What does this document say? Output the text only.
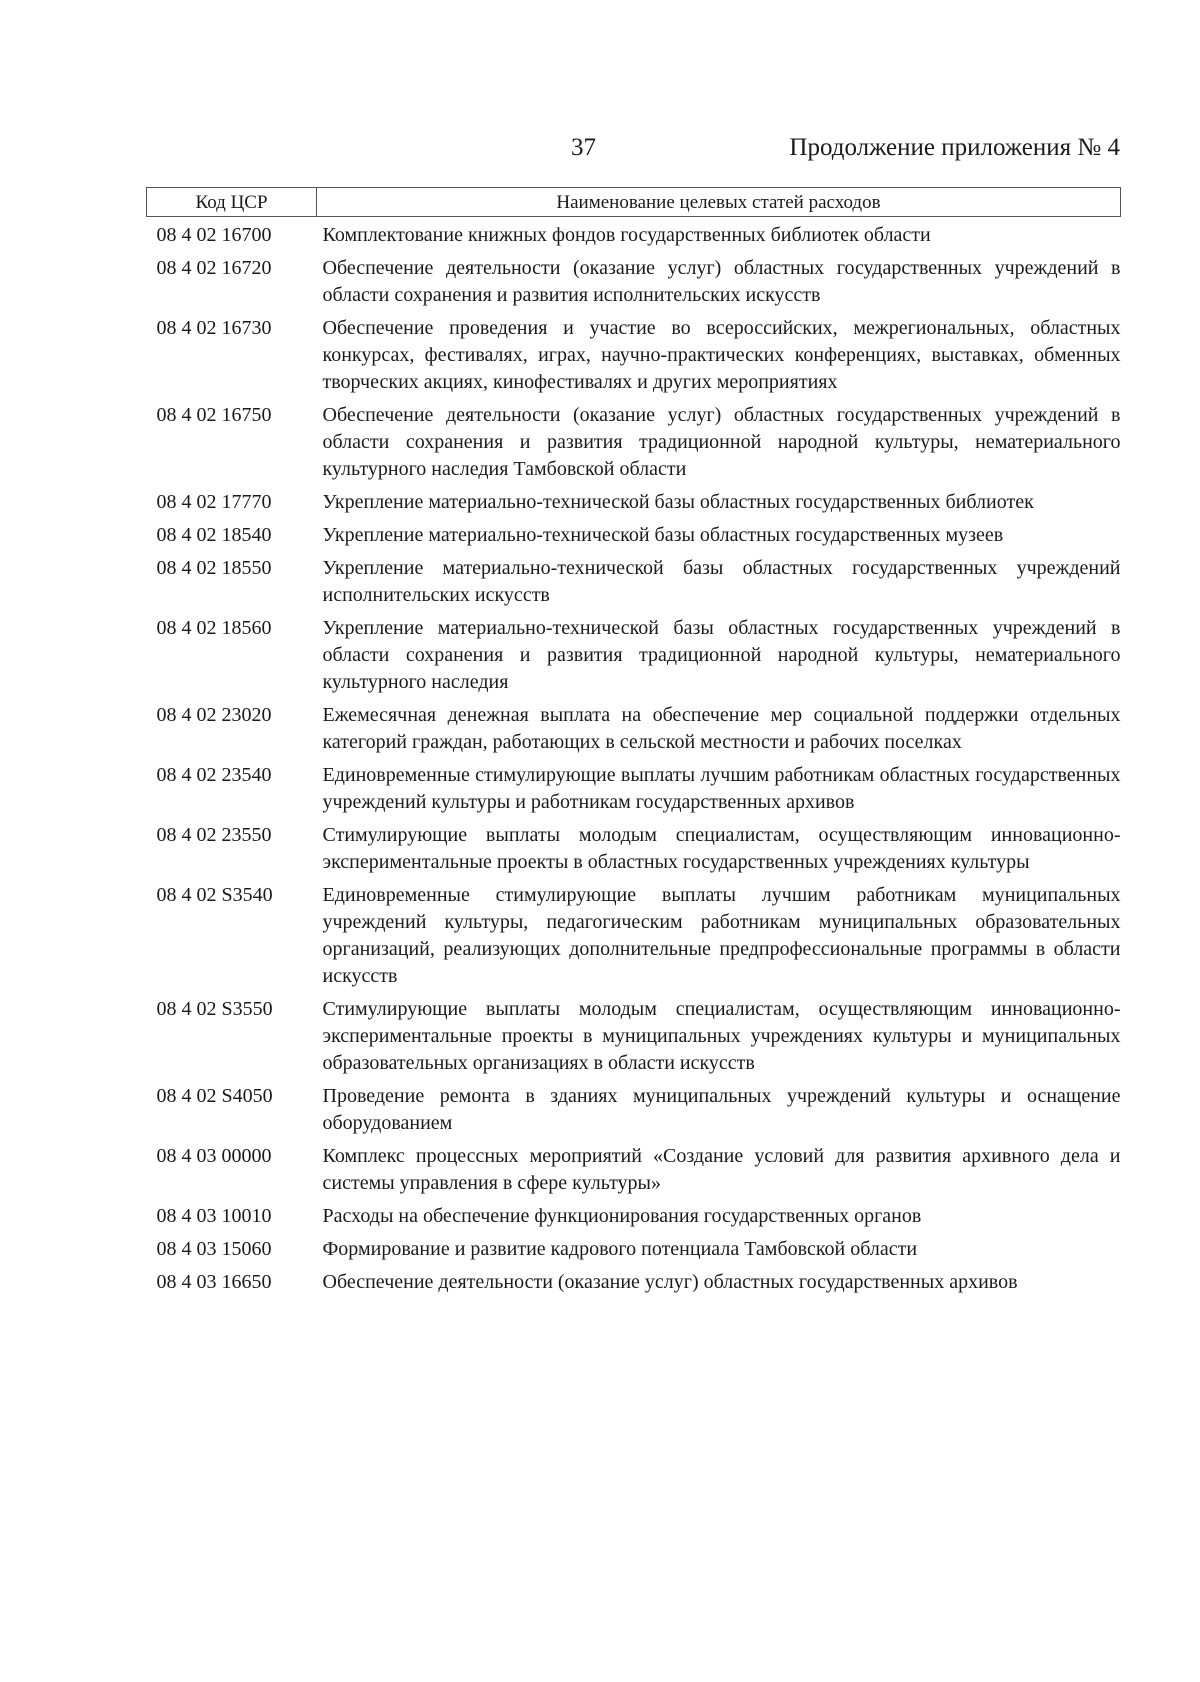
37	Продолжение приложения № 4
Код ЦСР	Наименование целевых статей расходов
08 4 02 16700	Комплектование книжных фондов государственных библиотек области
08 4 02 16720	Обеспечение деятельности (оказание услуг) областных государственных учреждений в области сохранения и развития исполнительских искусств
08 4 02 16730	Обеспечение проведения и участие во всероссийских, межрегиональных, областных конкурсах, фестивалях, играх, научно-практических конференциях, выставках, обменных творческих акциях, кинофестивалях и других мероприятиях
08 4 02 16750	Обеспечение деятельности (оказание услуг) областных государственных учреждений в области сохранения и развития традиционной народной культуры, нематериального культурного наследия Тамбовской области
08 4 02 17770	Укрепление материально-технической базы областных государственных библиотек
08 4 02 18540	Укрепление материально-технической базы областных государственных музеев
08 4 02 18550	Укрепление материально-технической базы областных государственных учреждений исполнительских искусств
08 4 02 18560	Укрепление материально-технической базы областных государственных учреждений в области сохранения и развития традиционной народной культуры, нематериального культурного наследия
08 4 02 23020	Ежемесячная денежная выплата на обеспечение мер социальной поддержки отдельных категорий граждан, работающих в сельской местности и рабочих поселках
08 4 02 23540	Единовременные стимулирующие выплаты лучшим работникам областных государственных учреждений культуры и работникам государственных архивов
08 4 02 23550	Стимулирующие выплаты молодым специалистам, осуществляющим инновационно-экспериментальные проекты в областных государственных учреждениях культуры
08 4 02 S3540	Единовременные стимулирующие выплаты лучшим работникам муниципальных учреждений культуры, педагогическим работникам муниципальных образовательных организаций, реализующих дополнительные предпрофессиональные программы в области искусств
08 4 02 S3550	Стимулирующие выплаты молодым специалистам, осуществляющим инновационно-экспериментальные проекты в муниципальных учреждениях культуры и муниципальных образовательных организациях в области искусств
08 4 02 S4050	Проведение ремонта в зданиях муниципальных учреждений культуры и оснащение оборудованием
08 4 03 00000	Комплекс процессных мероприятий «Создание условий для развития архивного дела и системы управления в сфере культуры»
08 4 03 10010	Расходы на обеспечение функционирования государственных органов
08 4 03 15060	Формирование и развитие кадрового потенциала Тамбовской области
08 4 03 16650	Обеспечение деятельности (оказание услуг) областных государственных архивов
